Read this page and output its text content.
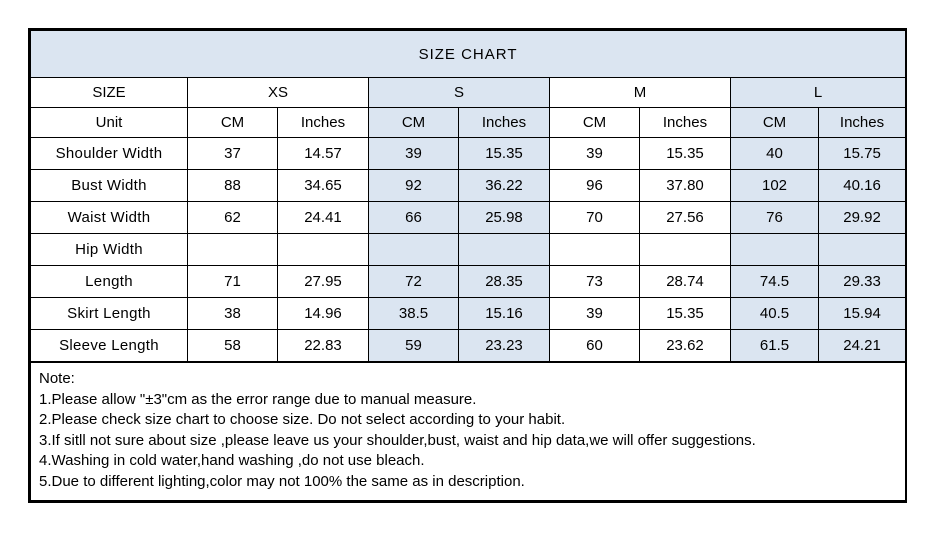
SIZE CHART								
SIZE	XS		S		M		L	
Unit	CM	Inches	CM	Inches	CM	Inches	CM	Inches
Shoulder Width	37	14.57	39	15.35	39	15.35	40	15.75
Bust Width	88	34.65	92	36.22	96	37.80	102	40.16
Waist Width	62	24.41	66	25.98	70	27.56	76	29.92
Hip Width								
Length	71	27.95	72	28.35	73	28.74	74.5	29.33
Skirt Length	38	14.96	38.5	15.16	39	15.35	40.5	15.94
Sleeve Length	58	22.83	59	23.23	60	23.62	61.5	24.21

Note:
1.Please allow "±3"cm as the error range due to manual measure.
2.Please check size chart to choose size. Do not select according to your habit.
3.If sitll not sure about size ,please leave us your shoulder,bust, waist and hip data,we will offer suggestions.
4.Washing in cold water,hand washing ,do not use bleach.
5.Due to different lighting,color may not 100% the same as in description.
